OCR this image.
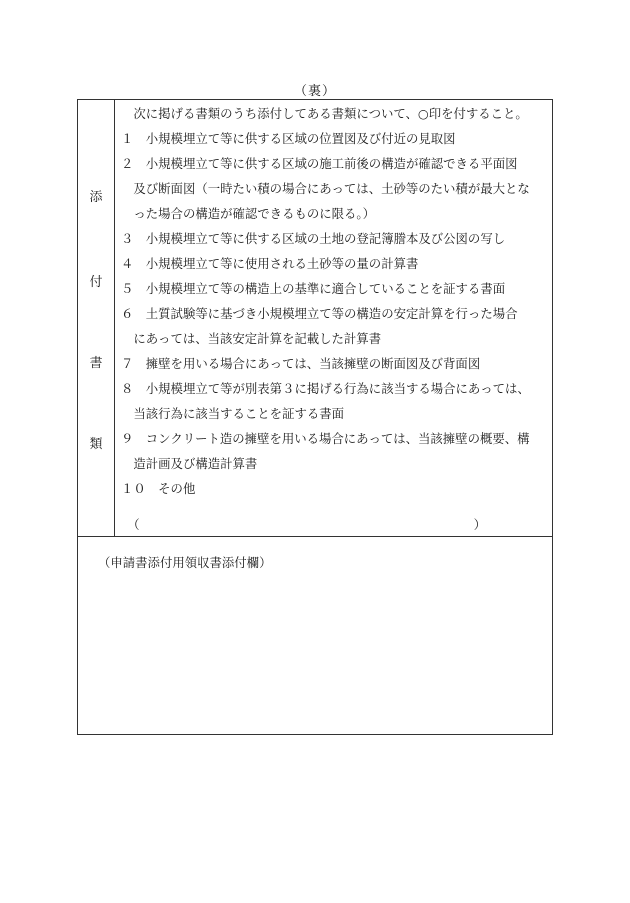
（裏）
添
付
書
類
　次に掲げる書類のうち添付してある書類について、○印を付すること。
１　小規模埋立て等に供する区域の位置図及び付近の見取図
２　小規模埋立て等に供する区域の施工前後の構造が確認できる平面図
　及び断面図（一時たい積の場合にあっては、土砂等のたい積が最大とな
　った場合の構造が確認できるものに限る。）
３　小規模埋立て等に供する区域の土地の登記簿謄本及び公図の写し
４　小規模埋立て等に使用される土砂等の量の計算書
５　小規模埋立て等の構造上の基準に適合していることを証する書面
６　土質試験等に基づき小規模埋立て等の構造の安定計算を行った場合
　にあっては、当該安定計算を記載した計算書
７　擁壁を用いる場合にあっては、当該擁壁の断面図及び背面図
８　小規模埋立て等が別表第３に掲げる行為に該当する場合にあっては、
　当該行為に該当することを証する書面
９　コンクリート造の擁壁を用いる場合にあっては、当該擁壁の概要、構
　造計画及び構造計算書
１０　その他
　（	）
（申請書添付用領収書添付欄）
